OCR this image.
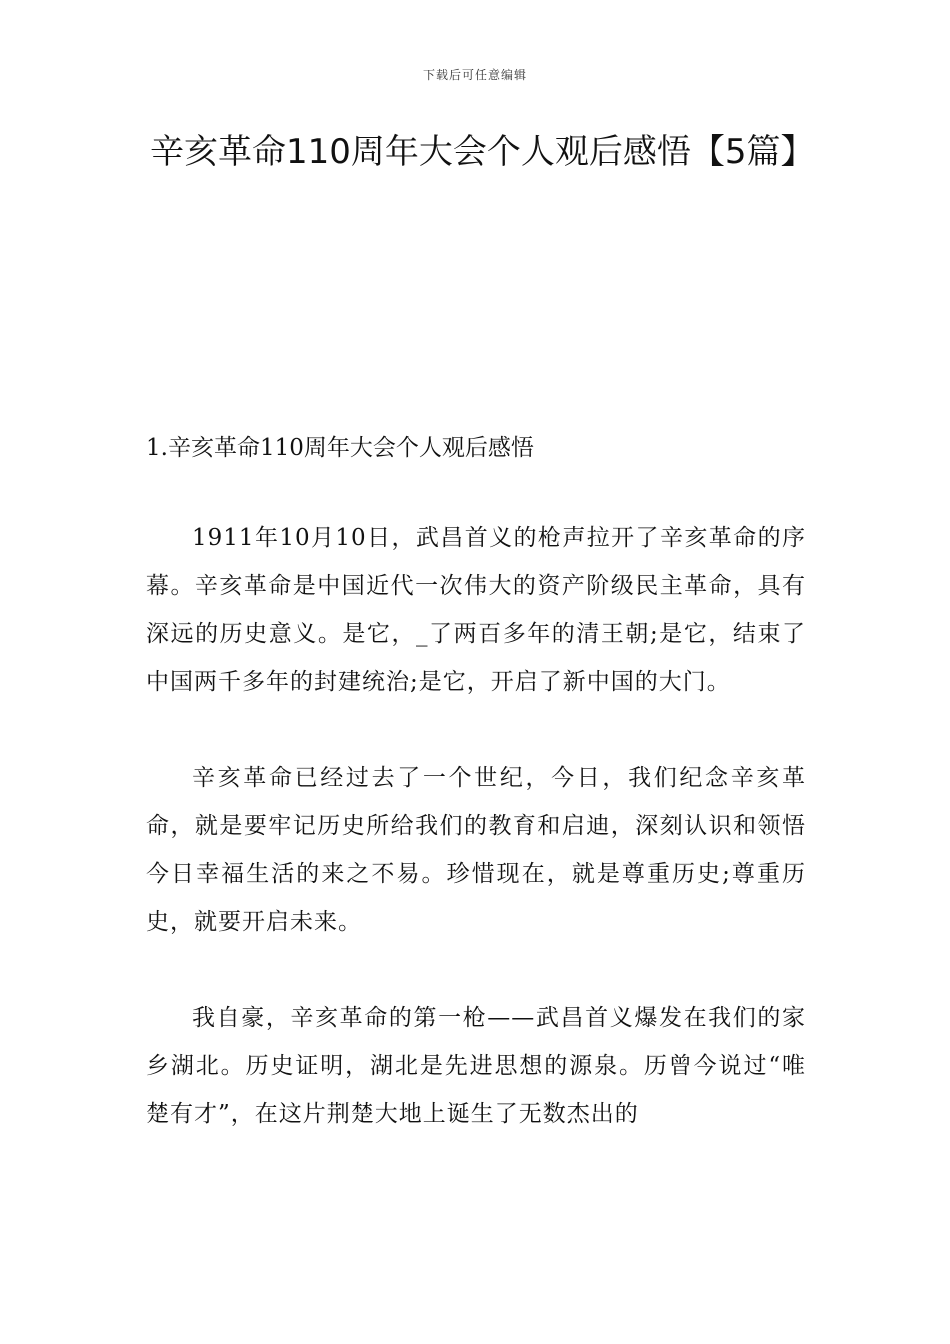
下载后可任意编辑
辛亥革命110周年大会个人观后感悟【5篇】

1.辛亥革命110周年大会个人观后感悟

1911年10月10日，武昌首义的枪声拉开了辛亥革命的序幕。辛亥革命是中国近代一次伟大的资产阶级民主革命，具有深远的历史意义。是它，_了两百多年的清王朝;是它，结束了中国两千多年的封建统治;是它，开启了新中国的大门。

辛亥革命已经过去了一个世纪，今日，我们纪念辛亥革命，就是要牢记历史所给我们的教育和启迪，深刻认识和领悟今日幸福生活的来之不易。珍惜现在，就是尊重历史;尊重历史，就要开启未来。

我自豪，辛亥革命的第一枪——武昌首义爆发在我们的家乡湖北。历史证明，湖北是先进思想的源泉。历曾今说过“唯楚有才”，在这片荆楚大地上诞生了无数杰出的
